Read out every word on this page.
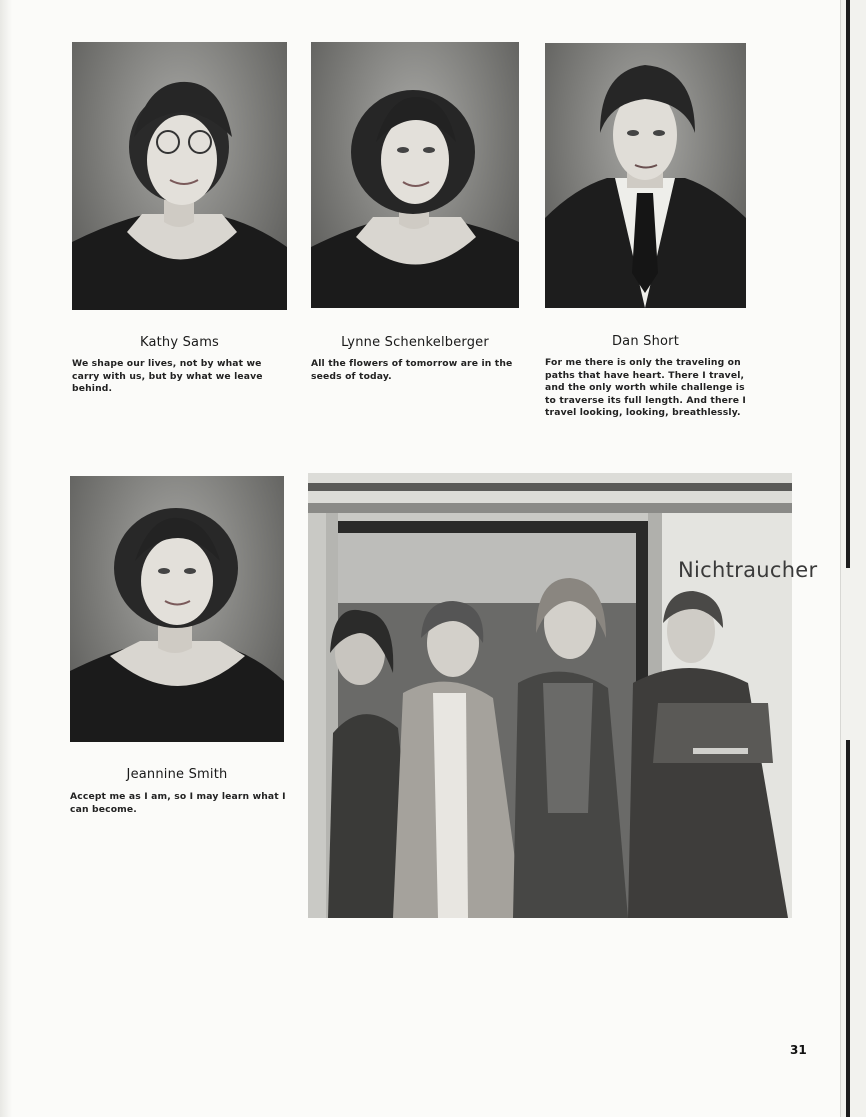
Kathy Sams	Lynne Schenkelberger	Dan Short
Jeannine Smith
We shape our lives, not by what we carry with us, but by what we leave behind.
All the flowers of tomorrow are in the seeds of today.
For me there is only the traveling on paths that have heart. There I travel, and the only worth while challenge is to traverse its full length. And there I travel looking, looking, breathlessly.
Accept me as I am, so I may learn what I can become.
Nichtraucher
31
